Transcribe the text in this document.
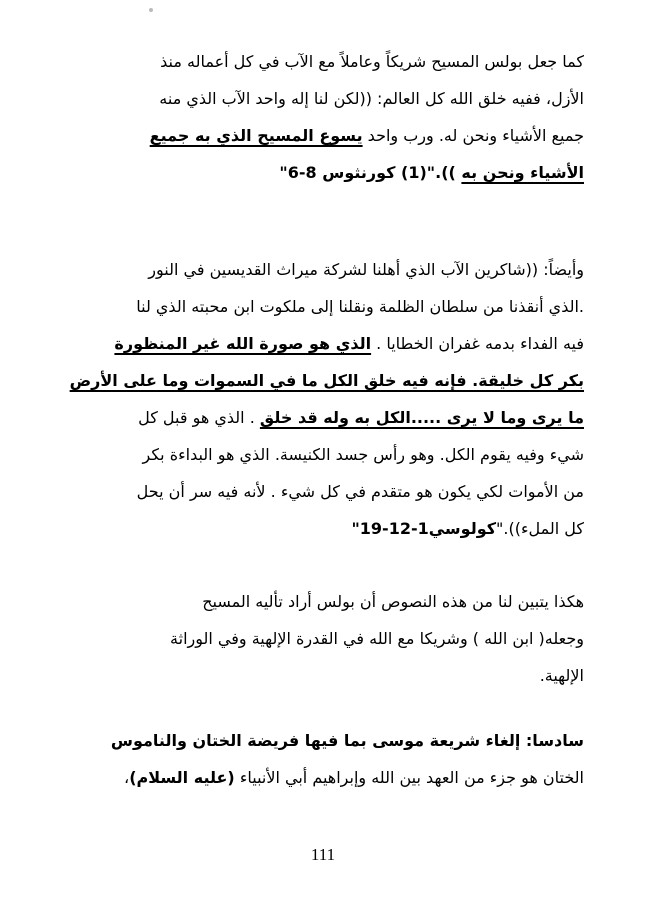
كما جعل بولس المسيح شريكاً وعاملاً مع الآب في كل أعماله منذ
الأزل، ففيه خلق الله كل العالم: ((لكن لنا إله واحد الآب الذي منه
جميع الأشياء ونحن له. ورب واحد يسوع المسيح الذي به جميع
الأشياء ونحن به ))."(1) كورنثوس 8-6"
وأيضاً: ((شاكرين الآب الذي أهلنا لشركة ميراث القديسين في النور
.الذي أنقذنا من سلطان الظلمة ونقلنا إلى ملكوت ابن محبته الذي لنا
فيه الفداء بدمه غفران الخطايا . الذي هو صورة الله غير المنظورة
بكر كل خليقة. فإنه فيه خلق الكل ما في السموات وما على الأرض
ما يرى وما لا يرى .....الكل به وله قد خلق . الذي هو قبل كل
شيء وفيه يقوم الكل. وهو رأس جسد الكنيسة. الذي هو البداءة بكر
من الأموات لكي يكون هو متقدم في كل شيء . لأنه فيه سر أن يحل
كل الملء))."كولوسي1-12-19"
هكذا يتبين لنا من هذه النصوص أن بولس أراد تأليه المسيح
وجعله( ابن الله ) وشريكا مع الله في القدرة الإلهية وفي الوراثة
الإلهية.
سادسا: إلغاء شريعة موسى بما فيها فريضة الختان والناموس
الختان هو جزء من العهد بين الله وإبراهيم أبي الأنبياء (عليه السلام)،
111
